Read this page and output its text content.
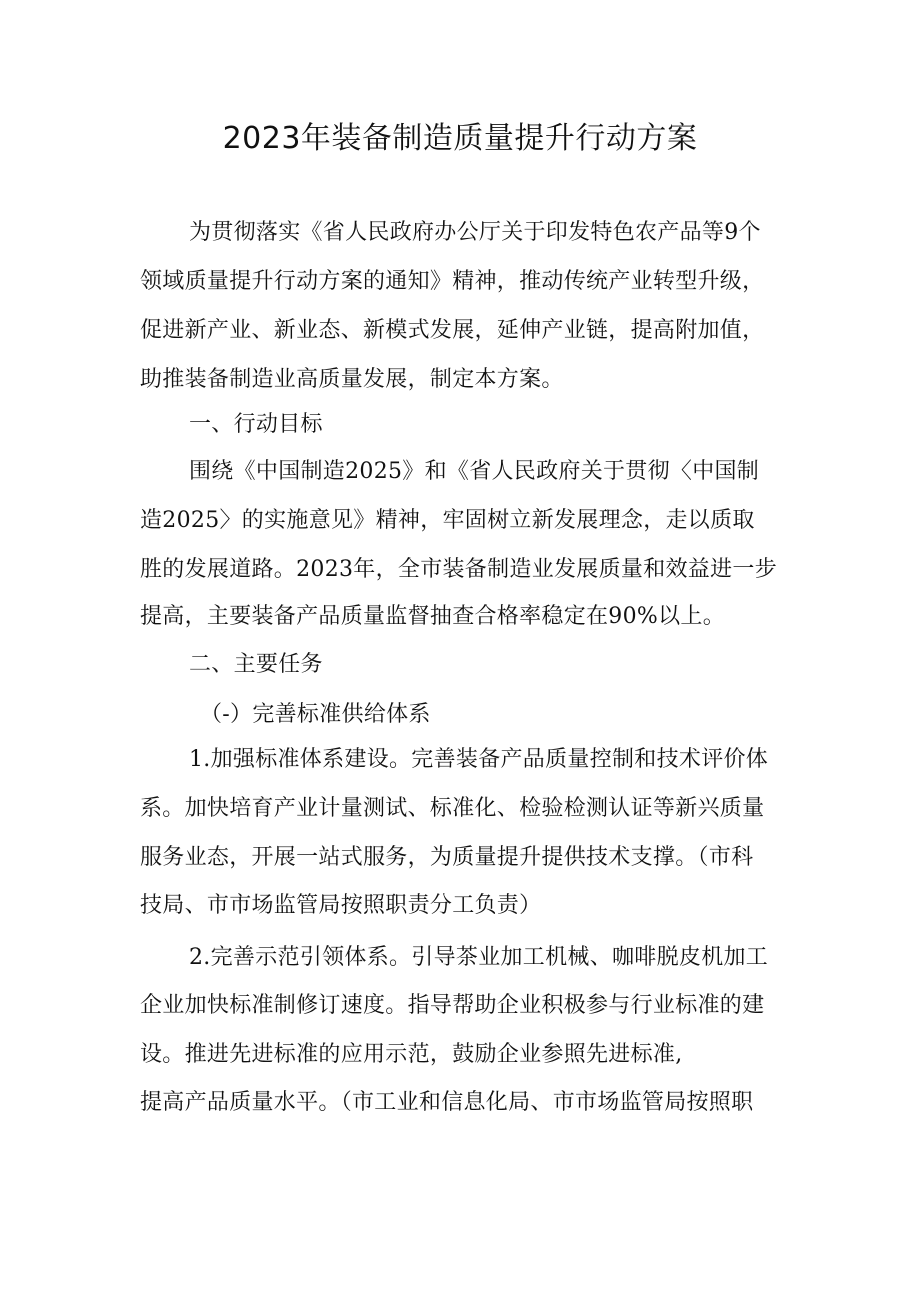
2023年装备制造质量提升行动方案
为贯彻落实《省人民政府办公厅关于印发特色农产品等9个
领域质量提升行动方案的通知》精神，推动传统产业转型升级，
促进新产业、新业态、新模式发展，延伸产业链，提高附加值，
助推装备制造业高质量发展，制定本方案。
一、行动目标
围绕《中国制造2025》和《省人民政府关于贯彻〈中国制
造2025〉的实施意见》精神，牢固树立新发展理念，走以质取
胜的发展道路。2023年，全市装备制造业发展质量和效益进一步
提高，主要装备产品质量监督抽查合格率稳定在90%以上。
二、主要任务
（-）完善标准供给体系
1.加强标准体系建设。完善装备产品质量控制和技术评价体
系。加快培育产业计量测试、标准化、检验检测认证等新兴质量
服务业态，开展一站式服务，为质量提升提供技术支撑。（市科
技局、市市场监管局按照职责分工负责）
2.完善示范引领体系。引导茶业加工机械、咖啡脱皮机加工
企业加快标准制修订速度。指导帮助企业积极参与行业标准的建
设。推进先进标准的应用示范，鼓励企业参照先进标准,
提高产品质量水平。（市工业和信息化局、市市场监管局按照职
